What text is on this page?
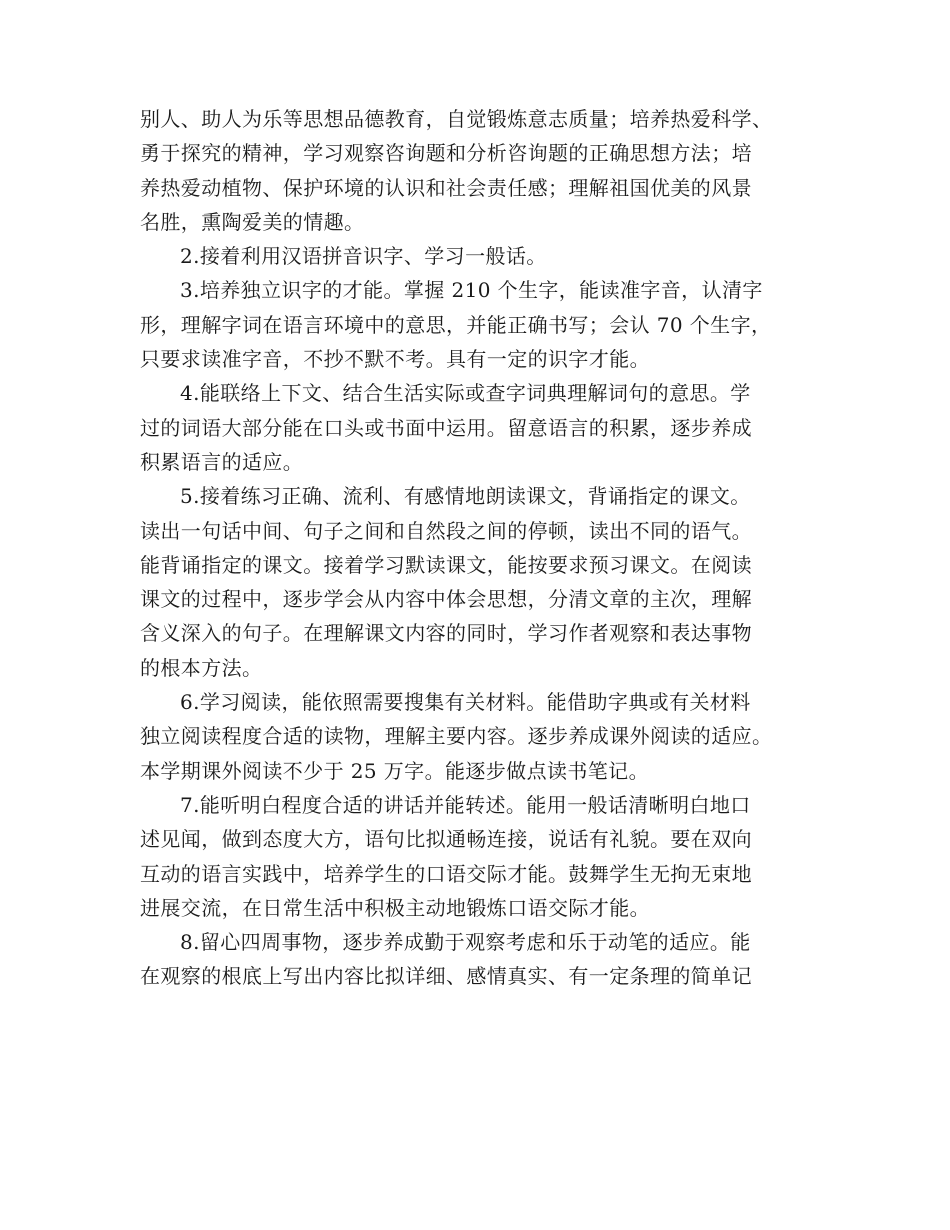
别人、助人为乐等思想品德教育，自觉锻炼意志质量；培养热爱科学、
勇于探究的精神，学习观察咨询题和分析咨询题的正确思想方法；培
养热爱动植物、保护环境的认识和社会责任感；理解祖国优美的风景
名胜，熏陶爱美的情趣。
2.接着利用汉语拼音识字、学习一般话。
3.培养独立识字的才能。掌握 210 个生字，能读准字音，认清字
形，理解字词在语言环境中的意思，并能正确书写；会认 70 个生字，
只要求读准字音，不抄不默不考。具有一定的识字才能。
4.能联络上下文、结合生活实际或查字词典理解词句的意思。学
过的词语大部分能在口头或书面中运用。留意语言的积累，逐步养成
积累语言的适应。
5.接着练习正确、流利、有感情地朗读课文，背诵指定的课文。
读出一句话中间、句子之间和自然段之间的停顿，读出不同的语气。
能背诵指定的课文。接着学习默读课文，能按要求预习课文。在阅读
课文的过程中，逐步学会从内容中体会思想，分清文章的主次，理解
含义深入的句子。在理解课文内容的同时，学习作者观察和表达事物
的根本方法。
6.学习阅读，能依照需要搜集有关材料。能借助字典或有关材料
独立阅读程度合适的读物，理解主要内容。逐步养成课外阅读的适应。
本学期课外阅读不少于 25 万字。能逐步做点读书笔记。
7.能听明白程度合适的讲话并能转述。能用一般话清晰明白地口
述见闻，做到态度大方，语句比拟通畅连接，说话有礼貌。要在双向
互动的语言实践中，培养学生的口语交际才能。鼓舞学生无拘无束地
进展交流，在日常生活中积极主动地锻炼口语交际才能。
8.留心四周事物，逐步养成勤于观察考虑和乐于动笔的适应。能
在观察的根底上写出内容比拟详细、感情真实、有一定条理的简单记
